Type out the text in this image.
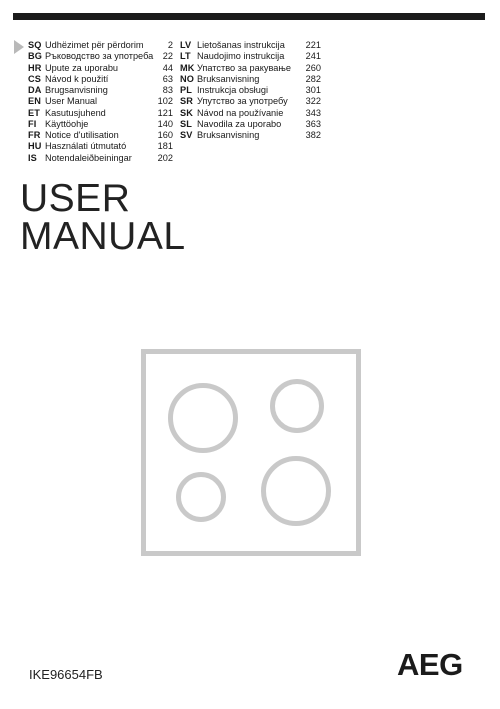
SQ Udhëzimet për përdorim	2
BG Ръководство за употреба	22
HR Upute za uporabu	44
CS Návod k použití	63
DA Brugsanvisning	83
EN User Manual	102
ET Kasutusjuhend	121
FI Käyttöohje	140
FR Notice d'utilisation	160
HU Használati útmutató	181
IS Notendaleiðbeiningar	202
LV Lietošanas instrukcija	221
LT Naudojimo instrukcija	241
MK Упатство за ракување	260
NO Bruksanvisning	282
PL Instrukcja obsługi	301
SR Упутство за употребу	322
SK Návod na používanie	343
SL Navodila za uporabo	363
SV Bruksanvisning	382
USER
MANUAL
IKE96654FB	AEG
